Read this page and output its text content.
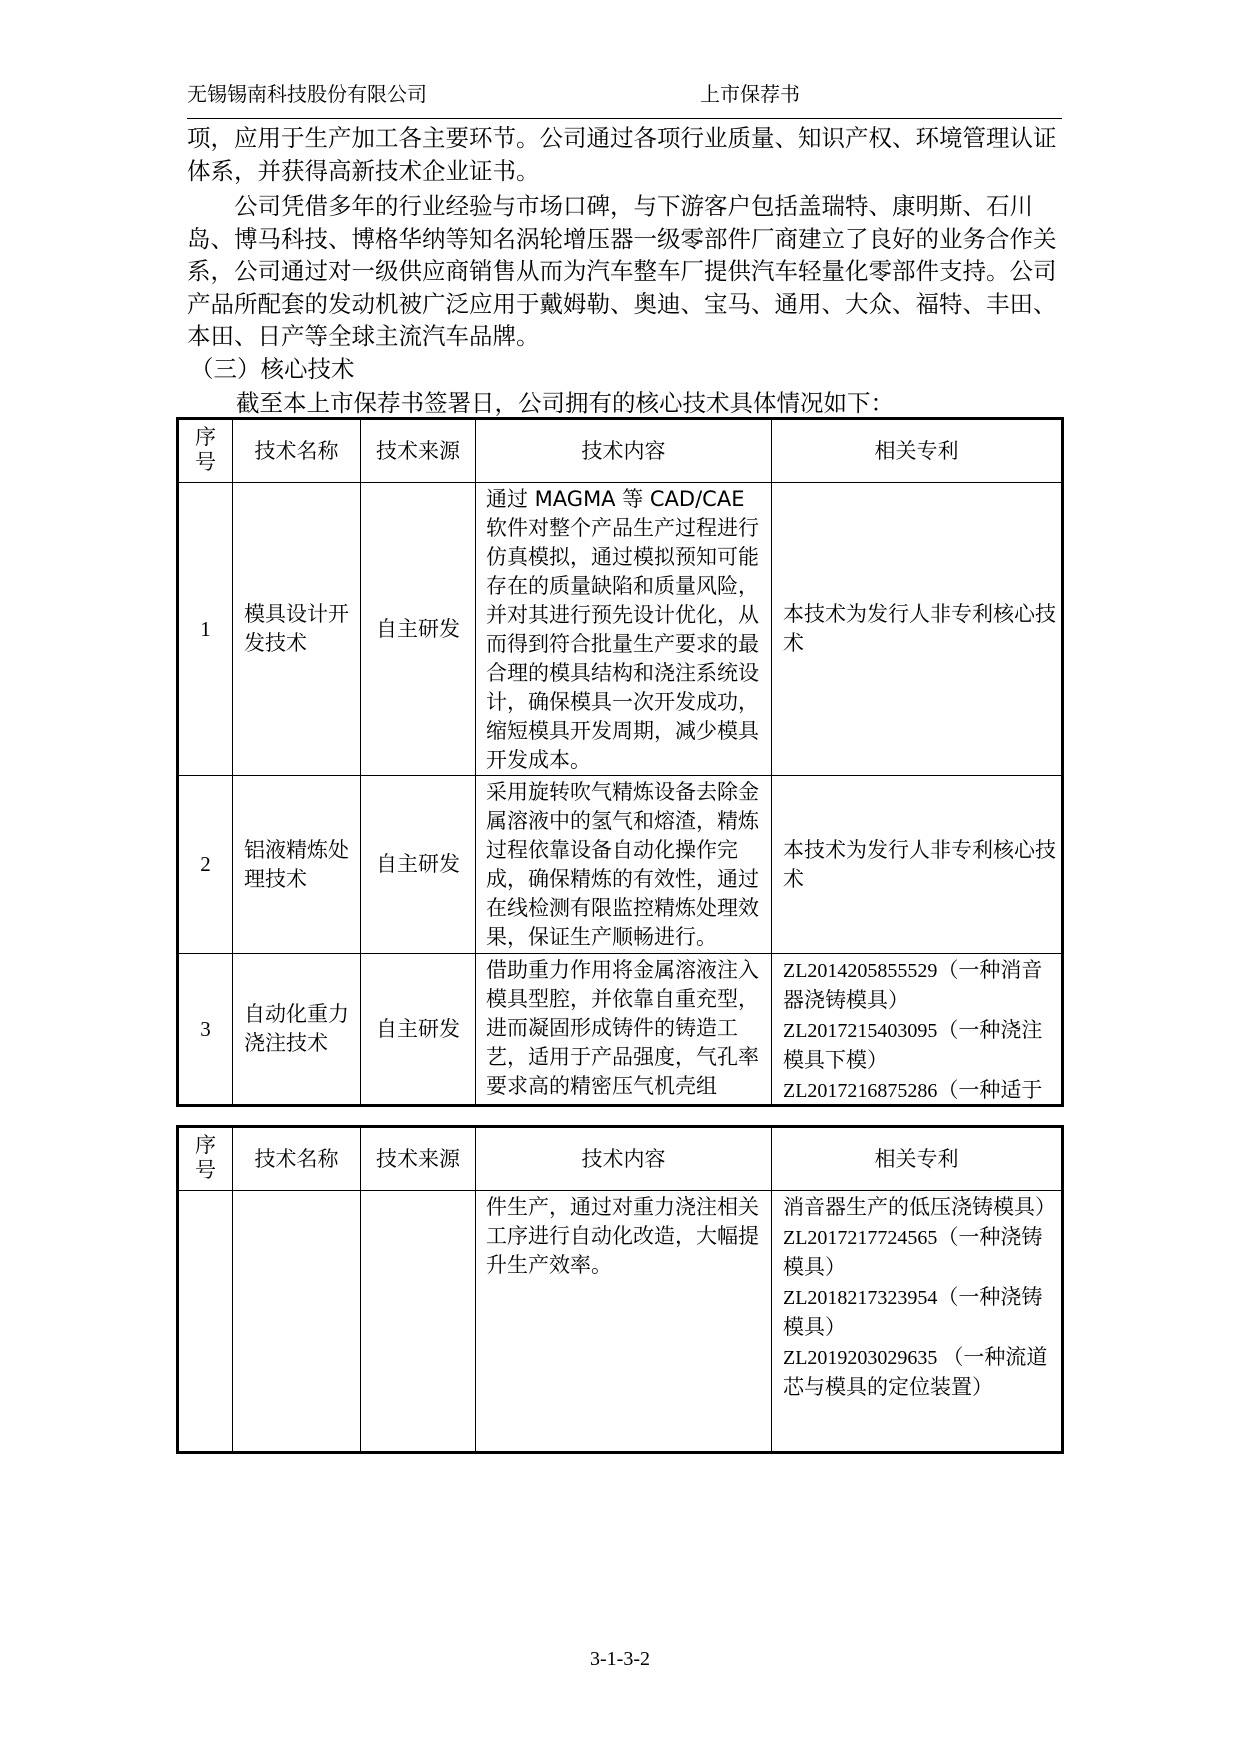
无锡锡南科技股份有限公司	上市保荐书
项，应用于生产加工各主要环节。公司通过各项行业质量、知识产权、环境管理认证体系，并获得高新技术企业证书。
公司凭借多年的行业经验与市场口碑，与下游客户包括盖瑞特、康明斯、石川岛、博马科技、博格华纳等知名涡轮增压器一级零部件厂商建立了良好的业务合作关系，公司通过对一级供应商销售从而为汽车整车厂提供汽车轻量化零部件支持。公司产品所配套的发动机被广泛应用于戴姆勒、奥迪、宝马、通用、大众、福特、丰田、本田、日产等全球主流汽车品牌。
（三）核心技术
截至本上市保荐书签署日，公司拥有的核心技术具体情况如下：
序
号	技术名称	技术来源	技术内容	相关专利
1	模具设计开发技术	自主研发	通过 MAGMA 等 CAD/CAE 软件对整个产品生产过程进行仿真模拟，通过模拟预知可能存在的质量缺陷和质量风险，并对其进行预先设计优化，从而得到符合批量生产要求的最合理的模具结构和浇注系统设计，确保模具一次开发成功，缩短模具开发周期，减少模具开发成本。	本技术为发行人非专利核心技术
2	铝液精炼处理技术	自主研发	采用旋转吹气精炼设备去除金属溶液中的氢气和熔渣，精炼过程依靠设备自动化操作完成，确保精炼的有效性，通过在线检测有限监控精炼处理效果，保证生产顺畅进行。	本技术为发行人非专利核心技术
3	自动化重力浇注技术	自主研发	借助重力作用将金属溶液注入模具型腔，并依靠自重充型，进而凝固形成铸件的铸造工艺，适用于产品强度，气孔率要求高的精密压气机壳组	ZL2014205855529（一种消音器浇铸模具）
ZL2017215403095（一种浇注模具下模）
ZL2017216875286（一种适于
序
号	技术名称	技术来源	技术内容	相关专利
			件生产，通过对重力浇注相关工序进行自动化改造，大幅提升生产效率。	消音器生产的低压浇铸模具）
ZL2017217724565（一种浇铸模具）
ZL2018217323954（一种浇铸模具）
ZL2019203029635 （一种流道芯与模具的定位装置）
3-1-3-2
